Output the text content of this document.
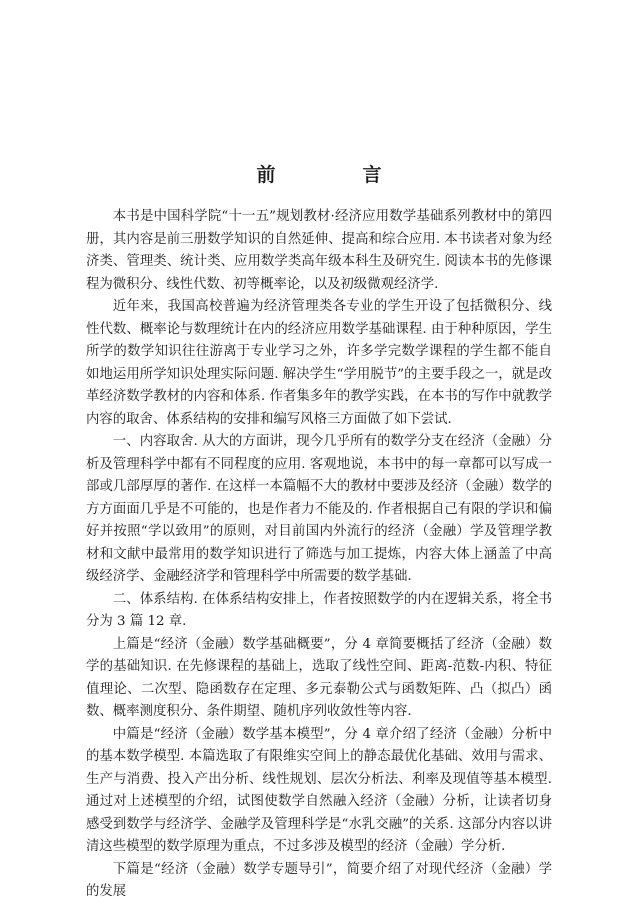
前　言

本书是中国科学院“十一五”规划教材·经济应用数学基础系列教材中的第四册，其内容是前三册数学知识的自然延伸、提高和综合应用. 本书读者对象为经济类、管理类、统计类、应用数学类高年级本科生及研究生. 阅读本书的先修课程为微积分、线性代数、初等概率论，以及初级微观经济学.

近年来，我国高校普遍为经济管理类各专业的学生开设了包括微积分、线性代数、概率论与数理统计在内的经济应用数学基础课程. 由于种种原因，学生所学的数学知识往往游离于专业学习之外，许多学完数学课程的学生都不能自如地运用所学知识处理实际问题. 解决学生“学用脱节”的主要手段之一，就是改革经济数学教材的内容和体系. 作者集多年的教学实践，在本书的写作中就教学内容的取舍、体系结构的安排和编写风格三方面做了如下尝试.

一、内容取舍. 从大的方面讲，现今几乎所有的数学分支在经济（金融）分析及管理科学中都有不同程度的应用. 客观地说，本书中的每一章都可以写成一部或几部厚厚的著作. 在这样一本篇幅不大的教材中要涉及经济（金融）数学的方方面面几乎是不可能的，也是作者力不能及的. 作者根据自己有限的学识和偏好并按照“学以致用”的原则，对目前国内外流行的经济（金融）学及管理学教材和文献中最常用的数学知识进行了筛选与加工提炼，内容大体上涵盖了中高级经济学、金融经济学和管理科学中所需要的数学基础.

二、体系结构. 在体系结构安排上，作者按照数学的内在逻辑关系，将全书分为 3 篇 12 章.

上篇是“经济（金融）数学基础概要”，分 4 章简要概括了经济（金融）数学的基础知识. 在先修课程的基础上，选取了线性空间、距离-范数-内积、特征值理论、二次型、隐函数存在定理、多元泰勒公式与函数矩阵、凸（拟凸）函数、概率测度积分、条件期望、随机序列收敛性等内容.

中篇是“经济（金融）数学基本模型”，分 4 章介绍了经济（金融）分析中的基本数学模型. 本篇选取了有限维实空间上的静态最优化基础、效用与需求、生产与消费、投入产出分析、线性规划、层次分析法、利率及现值等基本模型. 通过对上述模型的介绍，试图使数学自然融入经济（金融）分析，让读者切身感受到数学与经济学、金融学及管理科学是“水乳交融”的关系. 这部分内容以讲清这些模型的数学原理为重点，不过多涉及模型的经济（金融）学分析.

下篇是“经济（金融）数学专题导引”，简要介绍了对现代经济（金融）学的发展
